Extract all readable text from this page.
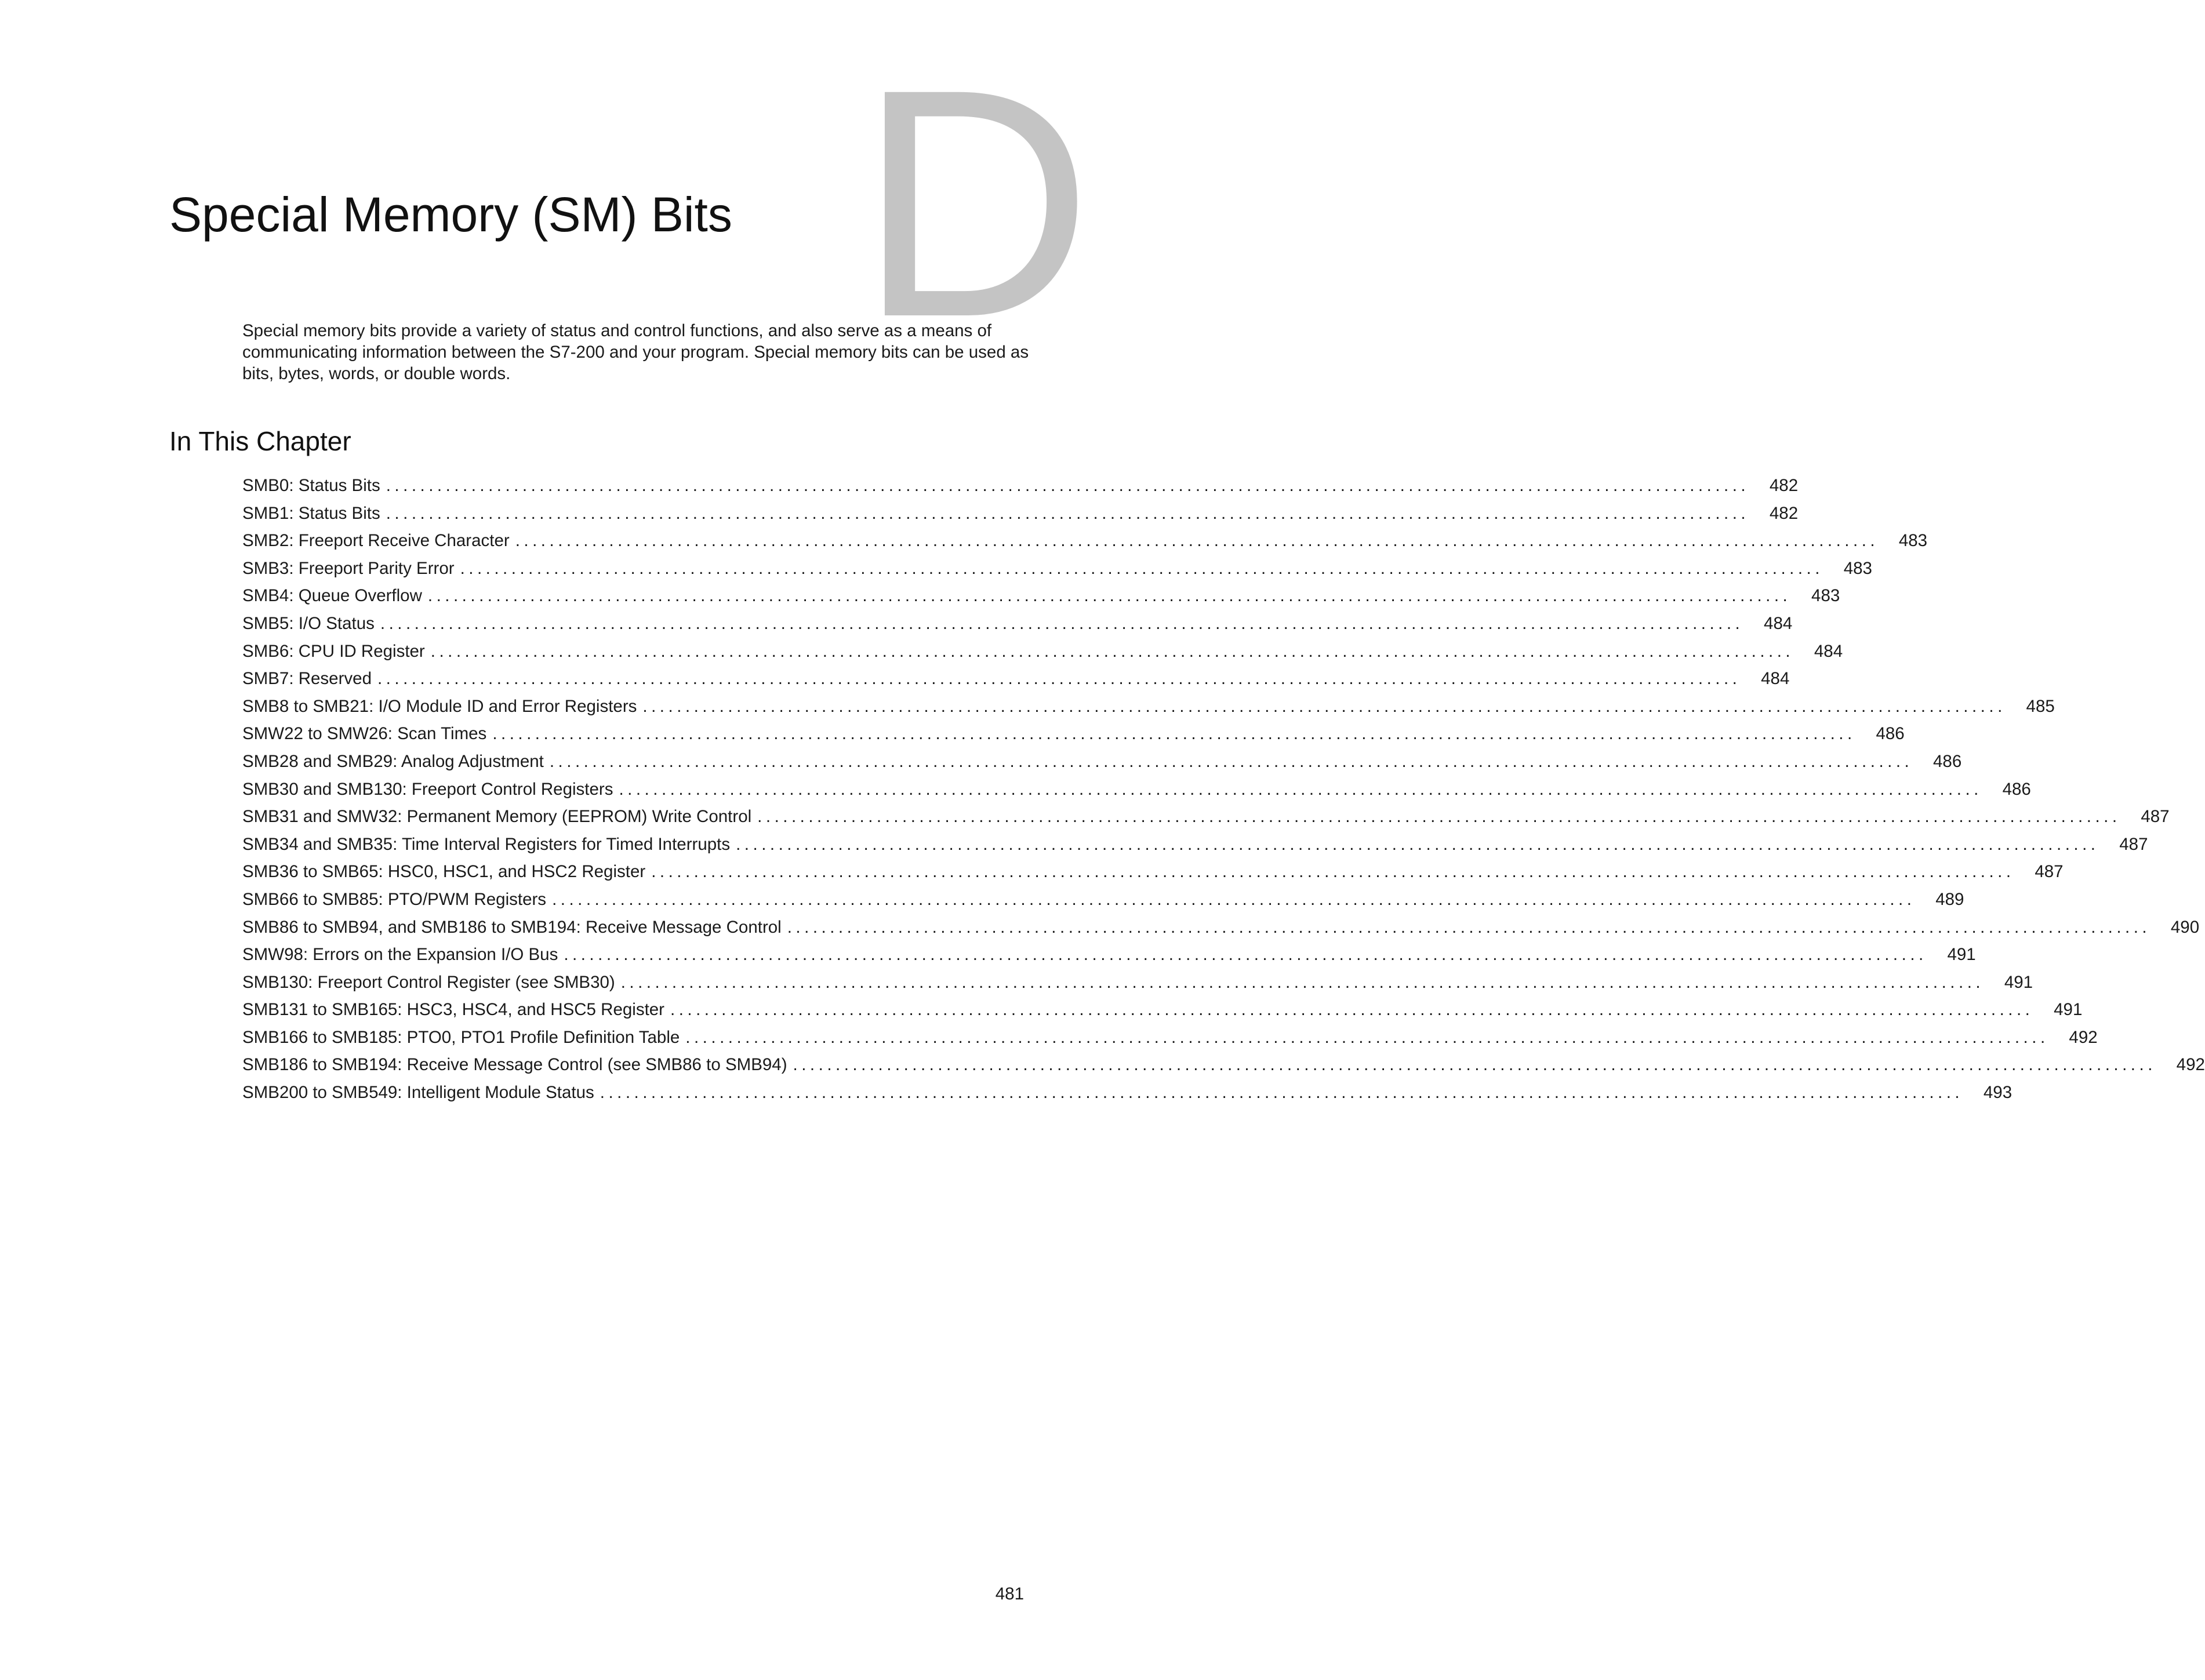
D
Special Memory (SM) Bits

Special memory bits provide a variety of status and control functions, and also serve as a means of communicating information between the S7-200 and your program. Special memory bits can be used as bits, bytes, words, or double words.

In This Chapter
SMB0: Status Bits ................................................................................................................................................................	482
SMB1: Status Bits ................................................................................................................................................................	482
SMB2: Freeport Receive Character ................................................................................................................................................................	483
SMB3: Freeport Parity Error ................................................................................................................................................................	483
SMB4: Queue Overflow ................................................................................................................................................................	483
SMB5: I/O Status ................................................................................................................................................................	484
SMB6: CPU ID Register ................................................................................................................................................................	484
SMB7: Reserved ................................................................................................................................................................	484
SMB8 to SMB21: I/O Module ID and Error Registers ................................................................................................................................................................	485
SMW22 to SMW26: Scan Times ................................................................................................................................................................	486
SMB28 and SMB29: Analog Adjustment ................................................................................................................................................................	486
SMB30 and SMB130: Freeport Control Registers ................................................................................................................................................................	486
SMB31 and SMW32: Permanent Memory (EEPROM) Write Control ................................................................................................................................................................	487
SMB34 and SMB35: Time Interval Registers for Timed Interrupts ................................................................................................................................................................	487
SMB36 to SMB65: HSC0, HSC1, and HSC2 Register ................................................................................................................................................................	487
SMB66 to SMB85: PTO/PWM Registers ................................................................................................................................................................	489
SMB86 to SMB94, and SMB186 to SMB194: Receive Message Control ................................................................................................................................................................	490
SMW98: Errors on the Expansion I/O Bus ................................................................................................................................................................	491
SMB130: Freeport Control Register (see SMB30) ................................................................................................................................................................	491
SMB131 to SMB165: HSC3, HSC4, and HSC5 Register ................................................................................................................................................................	491
SMB166 to SMB185: PTO0, PTO1 Profile Definition Table ................................................................................................................................................................	492
SMB186 to SMB194: Receive Message Control (see SMB86 to SMB94) ................................................................................................................................................................	492
SMB200 to SMB549: Intelligent Module Status ................................................................................................................................................................	493
481
